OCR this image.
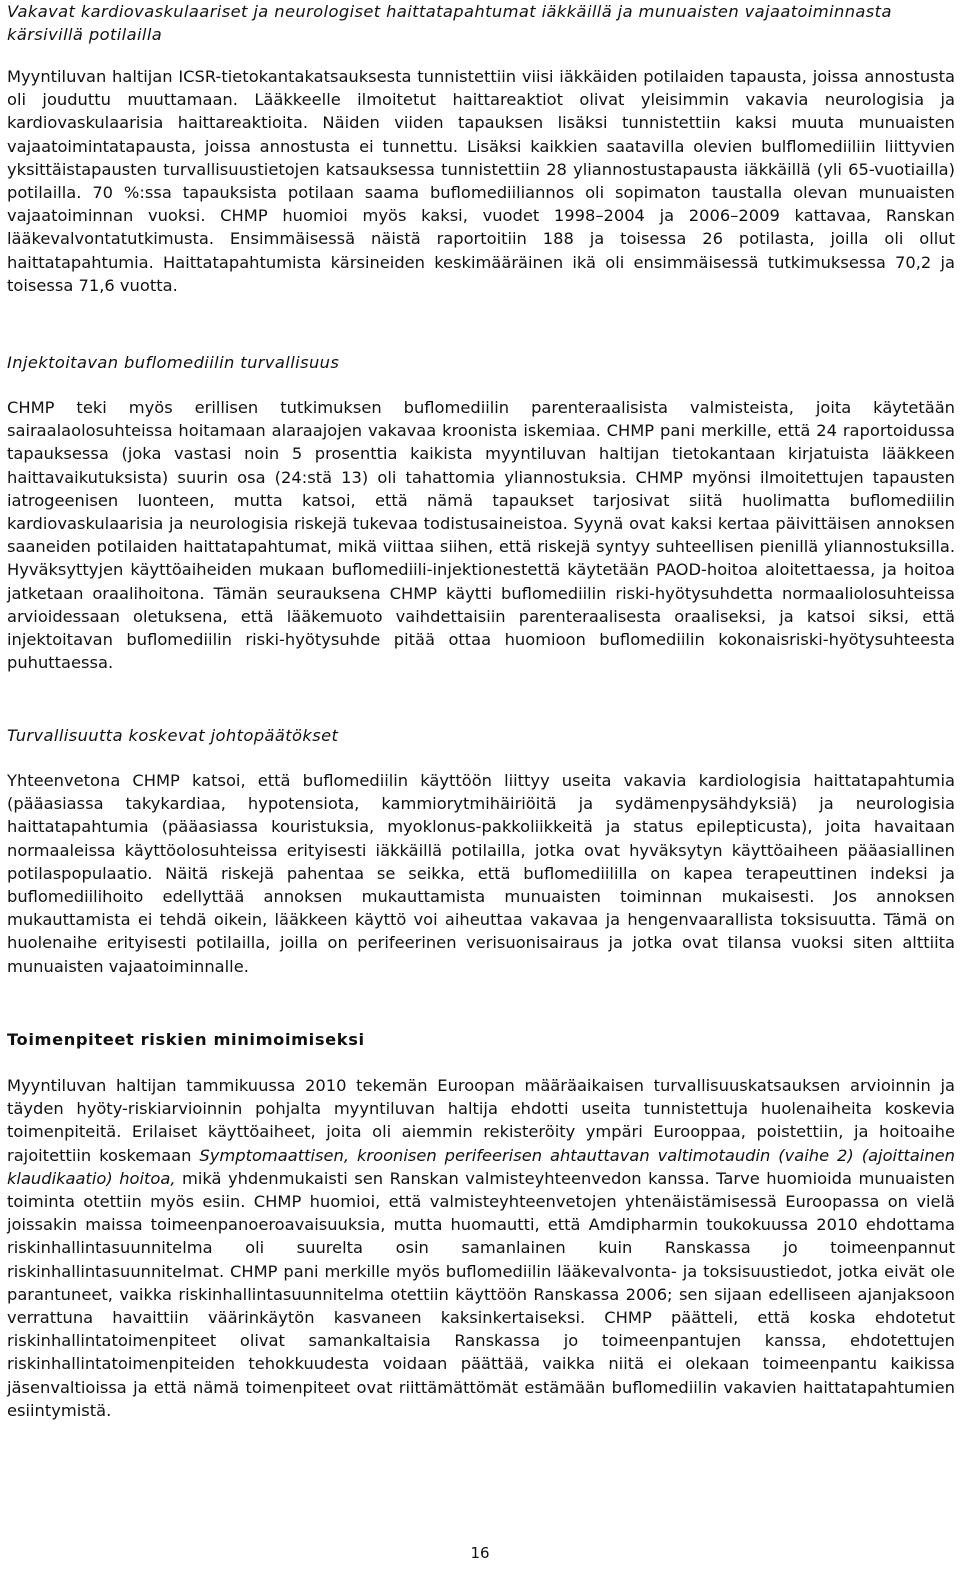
Vakavat kardiovaskulaariset ja neurologiset haittatapahtumat iäkkäillä ja munuaisten vajaatoiminnasta kärsivillä potilailla

Myyntiluvan haltijan ICSR-tietokantakatsauksesta tunnistettiin viisi iäkkäiden potilaiden tapausta, joissa annostusta oli jouduttu muuttamaan. Lääkkeelle ilmoitetut haittareaktiot olivat yleisimmin vakavia neurologisia ja kardiovaskulaarisia haittareaktioita. Näiden viiden tapauksen lisäksi tunnistettiin kaksi muuta munuaisten vajaatoimintatapausta, joissa annostusta ei tunnettu. Lisäksi kaikkien saatavilla olevien bulflomediiliin liittyvien yksittäistapausten turvallisuustietojen katsauksessa tunnistettiin 28 yliannostustapausta iäkkäillä (yli 65-vuotiailla) potilailla. 70 %:ssa tapauksista potilaan saama buflomediiliannos oli sopimaton taustalla olevan munuaisten vajaatoiminnan vuoksi. CHMP huomioi myös kaksi, vuodet 1998–2004 ja 2006–2009 kattavaa, Ranskan lääkevalvontatutkimusta. Ensimmäisessä näistä raportoitiin 188 ja toisessa 26 potilasta, joilla oli ollut haittatapahtumia. Haittatapahtumista kärsineiden keskimääräinen ikä oli ensimmäisessä tutkimuksessa 70,2 ja toisessa 71,6 vuotta.

Injektoitavan buflomediilin turvallisuus

CHMP teki myös erillisen tutkimuksen buflomediilin parenteraalisista valmisteista, joita käytetään sairaalaolosuhteissa hoitamaan alaraajojen vakavaa kroonista iskemiaa. CHMP pani merkille, että 24 raportoidussa tapauksessa (joka vastasi noin 5 prosenttia kaikista myyntiluvan haltijan tietokantaan kirjatuista lääkkeen haittavaikutuksista) suurin osa (24:stä 13) oli tahattomia yliannostuksia. CHMP myönsi ilmoitettujen tapausten iatrogeenisen luonteen, mutta katsoi, että nämä tapaukset tarjosivat siitä huolimatta buflomediilin kardiovaskulaarisia ja neurologisia riskejä tukevaa todistusaineistoa. Syynä ovat kaksi kertaa päivittäisen annoksen saaneiden potilaiden haittatapahtumat, mikä viittaa siihen, että riskejä syntyy suhteellisen pienillä yliannostuksilla. Hyväksyttyjen käyttöaiheiden mukaan buflomediili-injektionestettä käytetään PAOD-hoitoa aloitettaessa, ja hoitoa jatketaan oraalihoitona. Tämän seurauksena CHMP käytti buflomediilin riski-hyötysuhdetta normaaliolosuhteissa arvioidessaan oletuksena, että lääkemuoto vaihdettaisiin parenteraalisesta oraaliseksi, ja katsoi siksi, että injektoitavan buflomediilin riski-hyötysuhde pitää ottaa huomioon buflomediilin kokonaisriski-hyötysuhteesta puhuttaessa.

Turvallisuutta koskevat johtopäätökset

Yhteenvetona CHMP katsoi, että buflomediilin käyttöön liittyy useita vakavia kardiologisia haittatapahtumia (pääasiassa takykardiaa, hypotensiota, kammiorytmihäiriöitä ja sydämenpysähdyksiä) ja neurologisia haittatapahtumia (pääasiassa kouristuksia, myoklonus-pakkoliikkeitä ja status epilepticusta), joita havaitaan normaaleissa käyttöolosuhteissa erityisesti iäkkäillä potilailla, jotka ovat hyväksytyn käyttöaiheen pääasiallinen potilaspopulaatio. Näitä riskejä pahentaa se seikka, että buflomediililla on kapea terapeuttinen indeksi ja buflomediilihoito edellyttää annoksen mukauttamista munuaisten toiminnan mukaisesti. Jos annoksen mukauttamista ei tehdä oikein, lääkkeen käyttö voi aiheuttaa vakavaa ja hengenvaarallista toksisuutta. Tämä on huolenaihe erityisesti potilailla, joilla on perifeerinen verisuonisairaus ja jotka ovat tilansa vuoksi siten alttiita munuaisten vajaatoiminnalle.

Toimenpiteet riskien minimoimiseksi

Myyntiluvan haltijan tammikuussa 2010 tekemän Euroopan määräaikaisen turvallisuuskatsauksen arvioinnin ja täyden hyöty-riskiarvioinnin pohjalta myyntiluvan haltija ehdotti useita tunnistettuja huolenaiheita koskevia toimenpiteitä. Erilaiset käyttöaiheet, joita oli aiemmin rekisteröity ympäri Eurooppaa, poistettiin, ja hoitoaihe rajoitettiin koskemaan Symptomaattisen, kroonisen perifeerisen ahtauttavan valtimotaudin (vaihe 2) (ajoittainen klaudikaatio) hoitoa, mikä yhdenmukaisti sen Ranskan valmisteyhteenvedon kanssa. Tarve huomioida munuaisten toiminta otettiin myös esiin. CHMP huomioi, että valmisteyhteenvetojen yhtenäistämisessä Euroopassa on vielä joissakin maissa toimeenpanoeroavaisuuksia, mutta huomautti, että Amdipharmin toukokuussa 2010 ehdottama riskinhallintasuunnitelma oli suurelta osin samanlainen kuin Ranskassa jo toimeenpannut riskinhallintasuunnitelmat. CHMP pani merkille myös buflomediilin lääkevalvonta- ja toksisuustiedot, jotka eivät ole parantuneet, vaikka riskinhallintasuunnitelma otettiin käyttöön Ranskassa 2006; sen sijaan edelliseen ajanjaksoon verrattuna havaittiin väärinkäytön kasvaneen kaksinkertaiseksi. CHMP päätteli, että koska ehdotetut riskinhallintatoimenpiteet olivat samankaltaisia Ranskassa jo toimeenpantujen kanssa, ehdotettujen riskinhallintatoimenpiteiden tehokkuudesta voidaan päättää, vaikka niitä ei olekaan toimeenpantu kaikissa jäsenvaltioissa ja että nämä toimenpiteet ovat riittämättömät estämään buflomediilin vakavien haittatapahtumien esiintymistä.

16
